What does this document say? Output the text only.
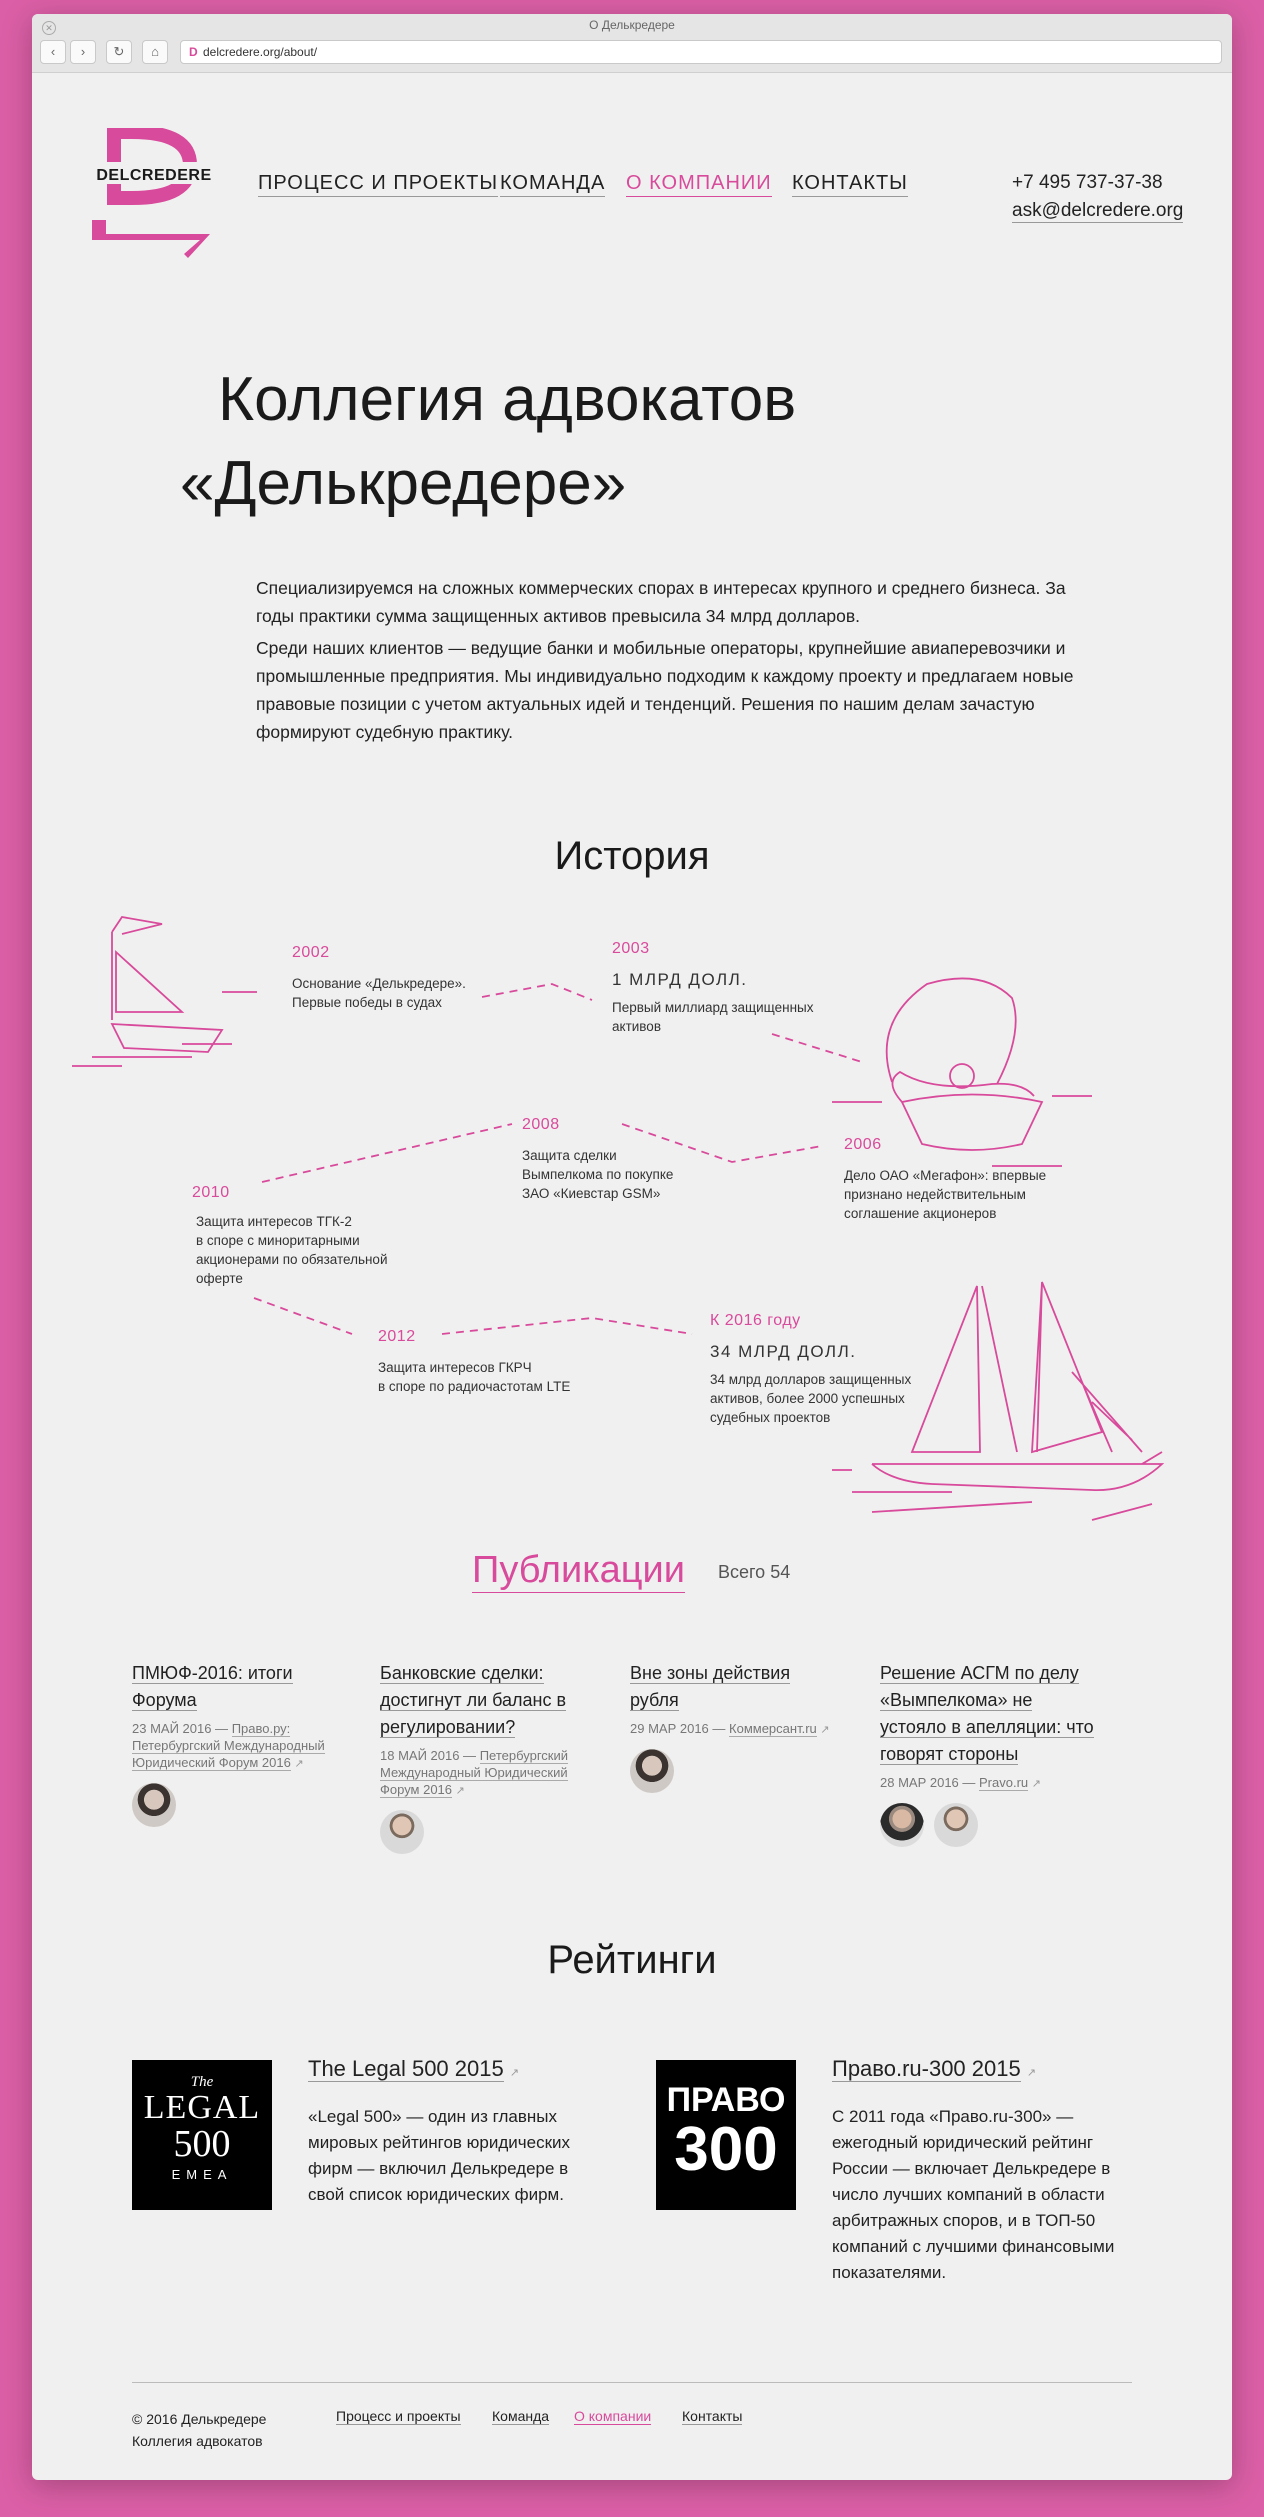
✕	О Делькредере
‹	›	↻	⌂	D delcredere.org/about/
DELCREDERE ПРОЦЕСС И ПРОЕКТЫ КОМАНДА О КОМПАНИИ КОНТАКТЫ	+7 495 737-37-38
ask@delcredere.org
Коллегия адвокатов
«Делькредере»

Специализируемся на сложных коммерческих спорах в интересах крупного и среднего бизнеса. За годы практики сумма защищенных активов превысила 34 млрд долларов.

Среди наших клиентов — ведущие банки и мобильные операторы, крупнейшие авиаперевозчики и промышленные предприятия. Мы индивидуально подходим к каждому проекту и предлагаем новые правовые позиции с учетом актуальных идей и тенденций. Решения по нашим делам зачастую формируют судебную практику.

История
2002
Основание «Делькредере».
Первые победы в судах
2003
1 МЛРД ДОЛЛ.
Первый миллиард защищенных
активов
2006
Дело ОАО «Мегафон»: впервые
признано недействительным
соглашение акционеров
2008
Защита сделки
Вымпелкома по покупке
ЗАО «Киевстар GSM»
2010
Защита интересов ТГК-2
в споре с миноритарными
акционерами по обязательной
оферте
2012
Защита интересов ГКРЧ
в споре по радиочастотам LTE
К 2016 году
34 МЛРД ДОЛЛ.
34 млрд долларов защищенных
активов, более 2000 успешных
судебных проектов
Публикации Всего 54
ПМЮФ-2016: итоги Форума
23 МАЙ 2016 — Право.ру: Петербургский Международный Юридический Форум 2016 ↗
Банковские сделки: достигнут ли баланс в регулировании?
18 МАЙ 2016 — Петербургский Международный Юридический Форум 2016 ↗
Вне зоны действия рубля
29 МАР 2016 — Коммерсант.ru ↗
Решение АСГМ по делу «Вымпелкома» не устояло в апелляции: что говорят стороны
28 МАР 2016 — Pravo.ru ↗
Рейтинги
The
LEGAL
500
EMEA
The Legal 500 2015 ↗
«Legal 500» — один из главных мировых рейтингов юридических фирм — включил Делькредере в свой список юридических фирм.
ПРАВО
300
Право.ru-300 2015 ↗
С 2011 года «Право.ru-300» — ежегодный юридический рейтинг России — включает Делькредере в число лучших компаний в области арбитражных споров, и в ТОП-50 компаний с лучшими финансовыми показателями.
© 2016 Делькредере
Коллегия адвокатов
Процесс и проекты Команда О компании Контакты
